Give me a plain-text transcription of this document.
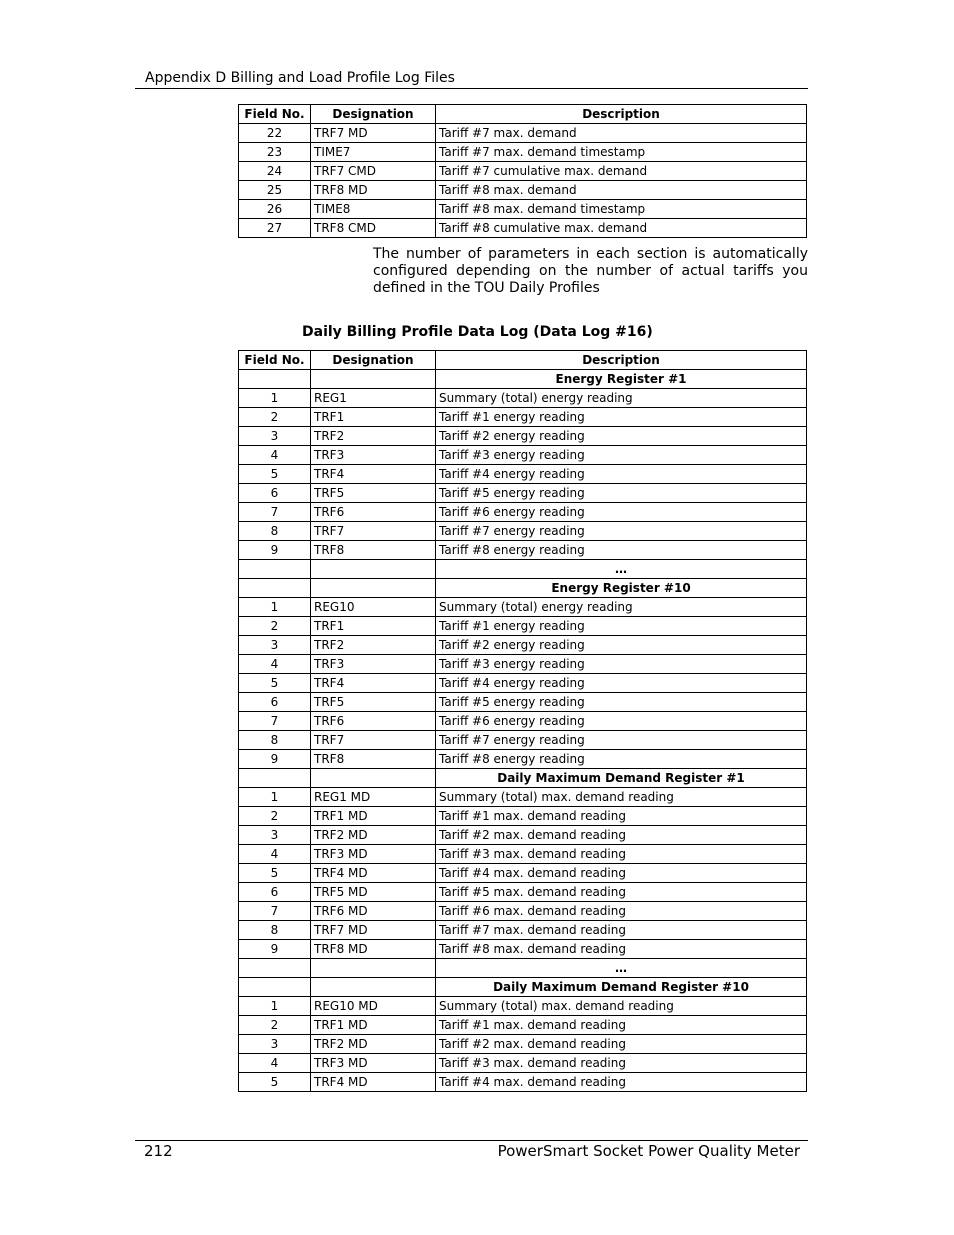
Appendix D Billing and Load Profile Log Files
Field No.	Designation	Description
22	TRF7 MD	Tariff #7 max. demand
23	TIME7	Tariff #7 max. demand timestamp
24	TRF7 CMD	Tariff #7 cumulative max. demand
25	TRF8 MD	Tariff #8 max. demand
26	TIME8	Tariff #8 max. demand timestamp
27	TRF8 CMD	Tariff #8 cumulative max. demand
The number of parameters in each section is automatically configured depending on the number of actual tariffs you defined in the TOU Daily Profiles
Daily Billing Profile Data Log (Data Log #16)
Field No.	Designation	Description
		Energy Register #1
1	REG1	Summary (total) energy reading
2	TRF1	Tariff #1 energy reading
3	TRF2	Tariff #2 energy reading
4	TRF3	Tariff #3 energy reading
5	TRF4	Tariff #4 energy reading
6	TRF5	Tariff #5 energy reading
7	TRF6	Tariff #6 energy reading
8	TRF7	Tariff #7 energy reading
9	TRF8	Tariff #8 energy reading
		…
		Energy Register #10
1	REG10	Summary (total) energy reading
2	TRF1	Tariff #1 energy reading
3	TRF2	Tariff #2 energy reading
4	TRF3	Tariff #3 energy reading
5	TRF4	Tariff #4 energy reading
6	TRF5	Tariff #5 energy reading
7	TRF6	Tariff #6 energy reading
8	TRF7	Tariff #7 energy reading
9	TRF8	Tariff #8 energy reading
		Daily Maximum Demand Register #1
1	REG1 MD	Summary (total) max. demand reading
2	TRF1 MD	Tariff #1 max. demand reading
3	TRF2 MD	Tariff #2 max. demand reading
4	TRF3 MD	Tariff #3 max. demand reading
5	TRF4 MD	Tariff #4 max. demand reading
6	TRF5 MD	Tariff #5 max. demand reading
7	TRF6 MD	Tariff #6 max. demand reading
8	TRF7 MD	Tariff #7 max. demand reading
9	TRF8 MD	Tariff #8 max. demand reading
		…
		Daily Maximum Demand Register #10
1	REG10 MD	Summary (total) max. demand reading
2	TRF1 MD	Tariff #1 max. demand reading
3	TRF2 MD	Tariff #2 max. demand reading
4	TRF3 MD	Tariff #3 max. demand reading
5	TRF4 MD	Tariff #4 max. demand reading
212	PowerSmart Socket Power Quality Meter
